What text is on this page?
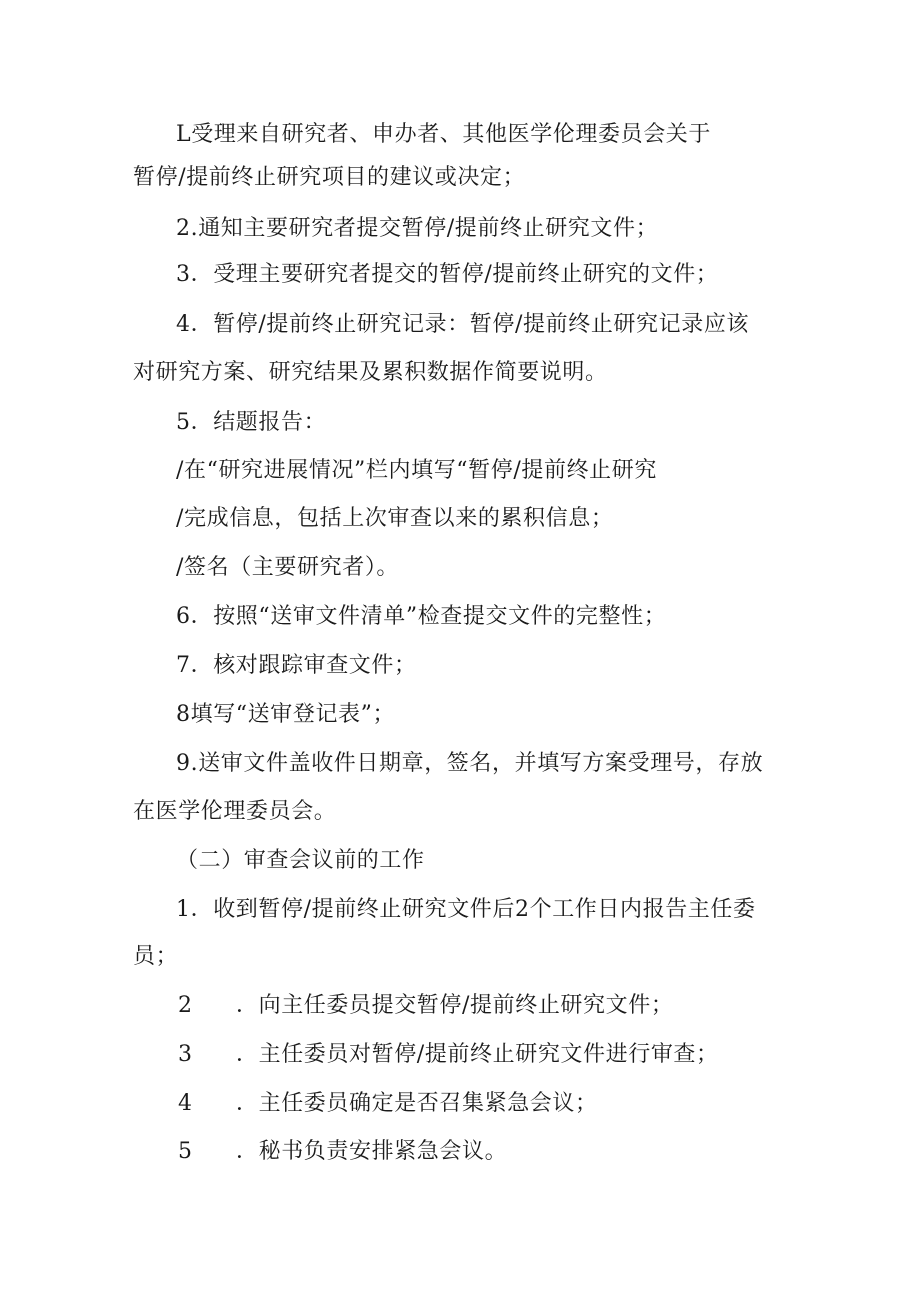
L受理来自研究者、申办者、其他医学伦理委员会关于
暂停/提前终止研究项目的建议或决定；
2.通知主要研究者提交暂停/提前终止研究文件；
3．受理主要研究者提交的暂停/提前终止研究的文件；
4．暂停/提前终止研究记录：暂停/提前终止研究记录应该
对研究方案、研究结果及累积数据作简要说明。
5．结题报告：
/在“研究进展情况”栏内填写“暂停/提前终止研究
/完成信息，包括上次审查以来的累积信息；
/签名（主要研究者）。
6．按照“送审文件清单”检查提交文件的完整性；
7．核对跟踪审查文件；
8填写“送审登记表”；
9.送审文件盖收件日期章，签名，并填写方案受理号，存放
在医学伦理委员会。
（二）审查会议前的工作
1．收到暂停/提前终止研究文件后2个工作日内报告主任委
员；
2 ．向主任委员提交暂停/提前终止研究文件；
3 ．主任委员对暂停/提前终止研究文件进行审查；
4 ．主任委员确定是否召集紧急会议；
5 ．秘书负责安排紧急会议。
